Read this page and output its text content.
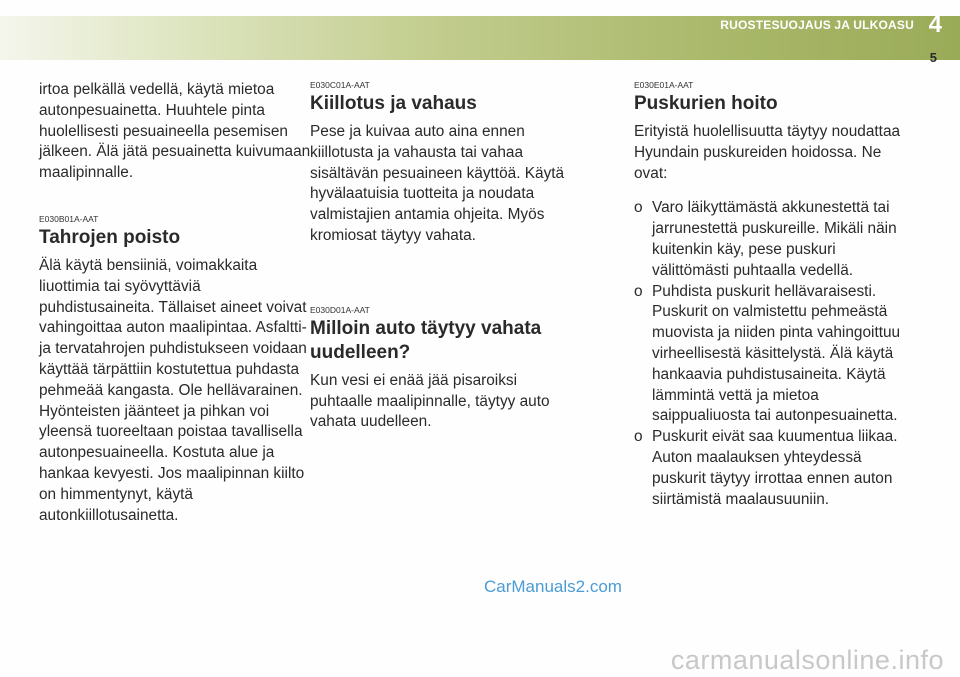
RUOSTESUOJAUS JA ULKOASU 4
5

irtoa pelkällä vedellä, käytä mietoa autonpesuainetta. Huuhtele pinta huolellisesti pesuaineella pesemisen jälkeen. Älä jätä pesuainetta kuivumaan maalipinnalle.

E030B01A-AAT

Tahrojen poisto

Älä käytä bensiiniä, voimakkaita liuottimia tai syövyttäviä puhdistusaineita. Tällaiset aineet voivat vahingoittaa auton maalipintaa. Asfaltti- ja tervatahrojen puhdistukseen voidaan käyttää tärpättiin kostutettua puhdasta pehmeää kangasta. Ole hellävarainen. Hyönteisten jäänteet ja pihkan voi yleensä tuoreeltaan poistaa tavallisella autonpesuaineella. Kostuta alue ja hankaa kevyesti. Jos maalipinnan kiilto on himmentynyt, käytä autonkiillotusainetta.

E030C01A-AAT

Kiillotus ja vahaus

Pese ja kuivaa auto aina ennen kiillotusta ja vahausta tai vahaa sisältävän pesuaineen käyttöä. Käytä hyvälaatuisia tuotteita ja noudata valmistajien antamia ohjeita. Myös kromiosat täytyy vahata.

E030D01A-AAT

Milloin auto täytyy vahata uudelleen?

Kun vesi ei enää jää pisaroiksi puhtaalle maalipinnalle, täytyy auto vahata uudelleen.

E030E01A-AAT

Puskurien hoito

Erityistä huolellisuutta täytyy noudattaa Hyundain puskureiden hoidossa. Ne ovat:

o Varo läikyttämästä akkunestettä tai jarrunestettä puskureille. Mikäli näin kuitenkin käy, pese puskuri välittömästi puhtaalla vedellä.
o Puhdista puskurit hellävaraisesti. Puskurit on valmistettu pehmeästä muovista ja niiden pinta vahingoittuu virheellisestä käsittelystä. Älä käytä hankaavia puhdistusaineita. Käytä lämmintä vettä ja mietoa saippualiuosta tai autonpesuainetta.
o Puskurit eivät saa kuumentua liikaa. Auton maalauksen yhteydessä puskurit täytyy irrottaa ennen auton siirtämistä maalausuuniin.
CarManuals2.com
carmanualsonline.info
